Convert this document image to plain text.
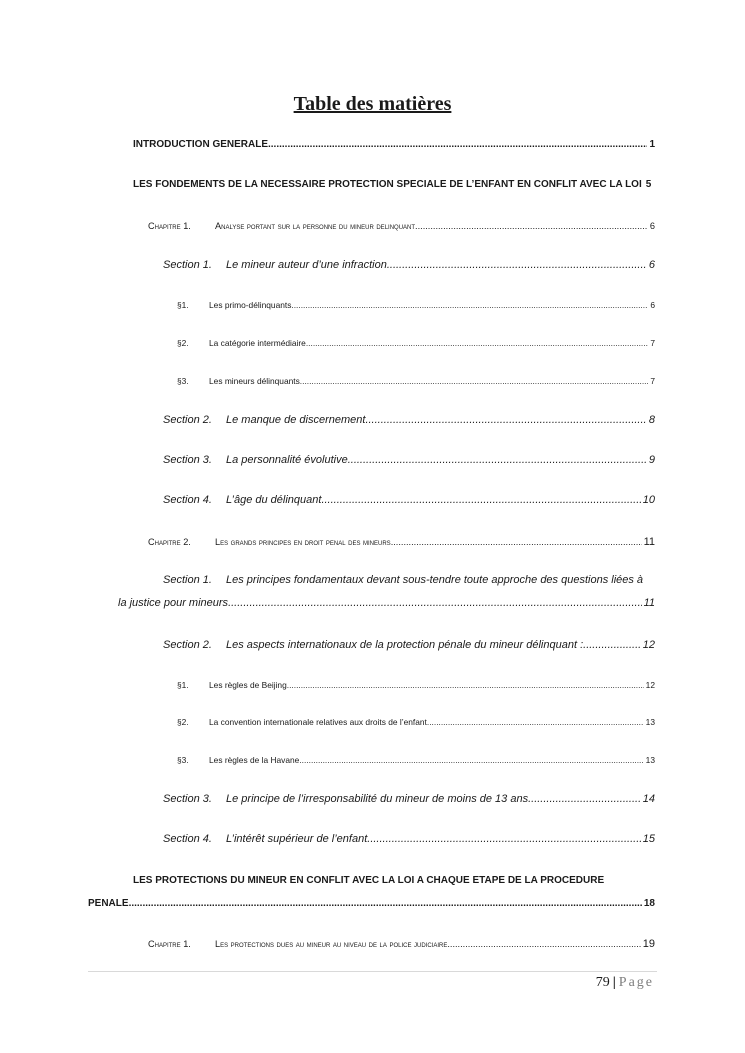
Table des matières
INTRODUCTION GENERALE .....	1
LES FONDEMENTS DE LA NECESSAIRE PROTECTION SPECIALE DE L’ENFANT EN CONFLIT AVEC LA LOI 5
Chapitre 1.	Analyse portant sur la personne du mineur delinquant .....	6
Section 1.	Le mineur auteur d’une infraction .....	6
§1.	Les primo-délinquants .....	6
§2.	La catégorie intermédiaire .....	7
§3.	Les mineurs délinquants .....	7
Section 2.	Le manque de discernement .....	8
Section 3.	La personnalité évolutive .....	9
Section 4.	L’âge du délinquant .....	10
Chapitre 2.	Les grands principes en droit penal des mineurs .....	11
Section 1.	Les principes fondamentaux devant sous-tendre toute approche des questions liées à
la justice pour mineurs .....	11
Section 2.	Les aspects internationaux de la protection pénale du mineur délinquant : .....	12
§1.	Les règles de Beijing .....	12
§2.	La convention internationale relatives aux droits de l’enfant .....	13
§3.	Les règles de la Havane .....	13
Section 3.	Le principe de l’irresponsabilité du mineur de moins de 13 ans .....	14
Section 4.	L’intérêt supérieur de l’enfant .....	15
LES PROTECTIONS DU MINEUR EN CONFLIT AVEC LA LOI A CHAQUE ETAPE DE LA PROCEDURE
PENALE .....	18
Chapitre 1.	Les protections dues au mineur au niveau de la police judiciaire .....	19
79 | Page
